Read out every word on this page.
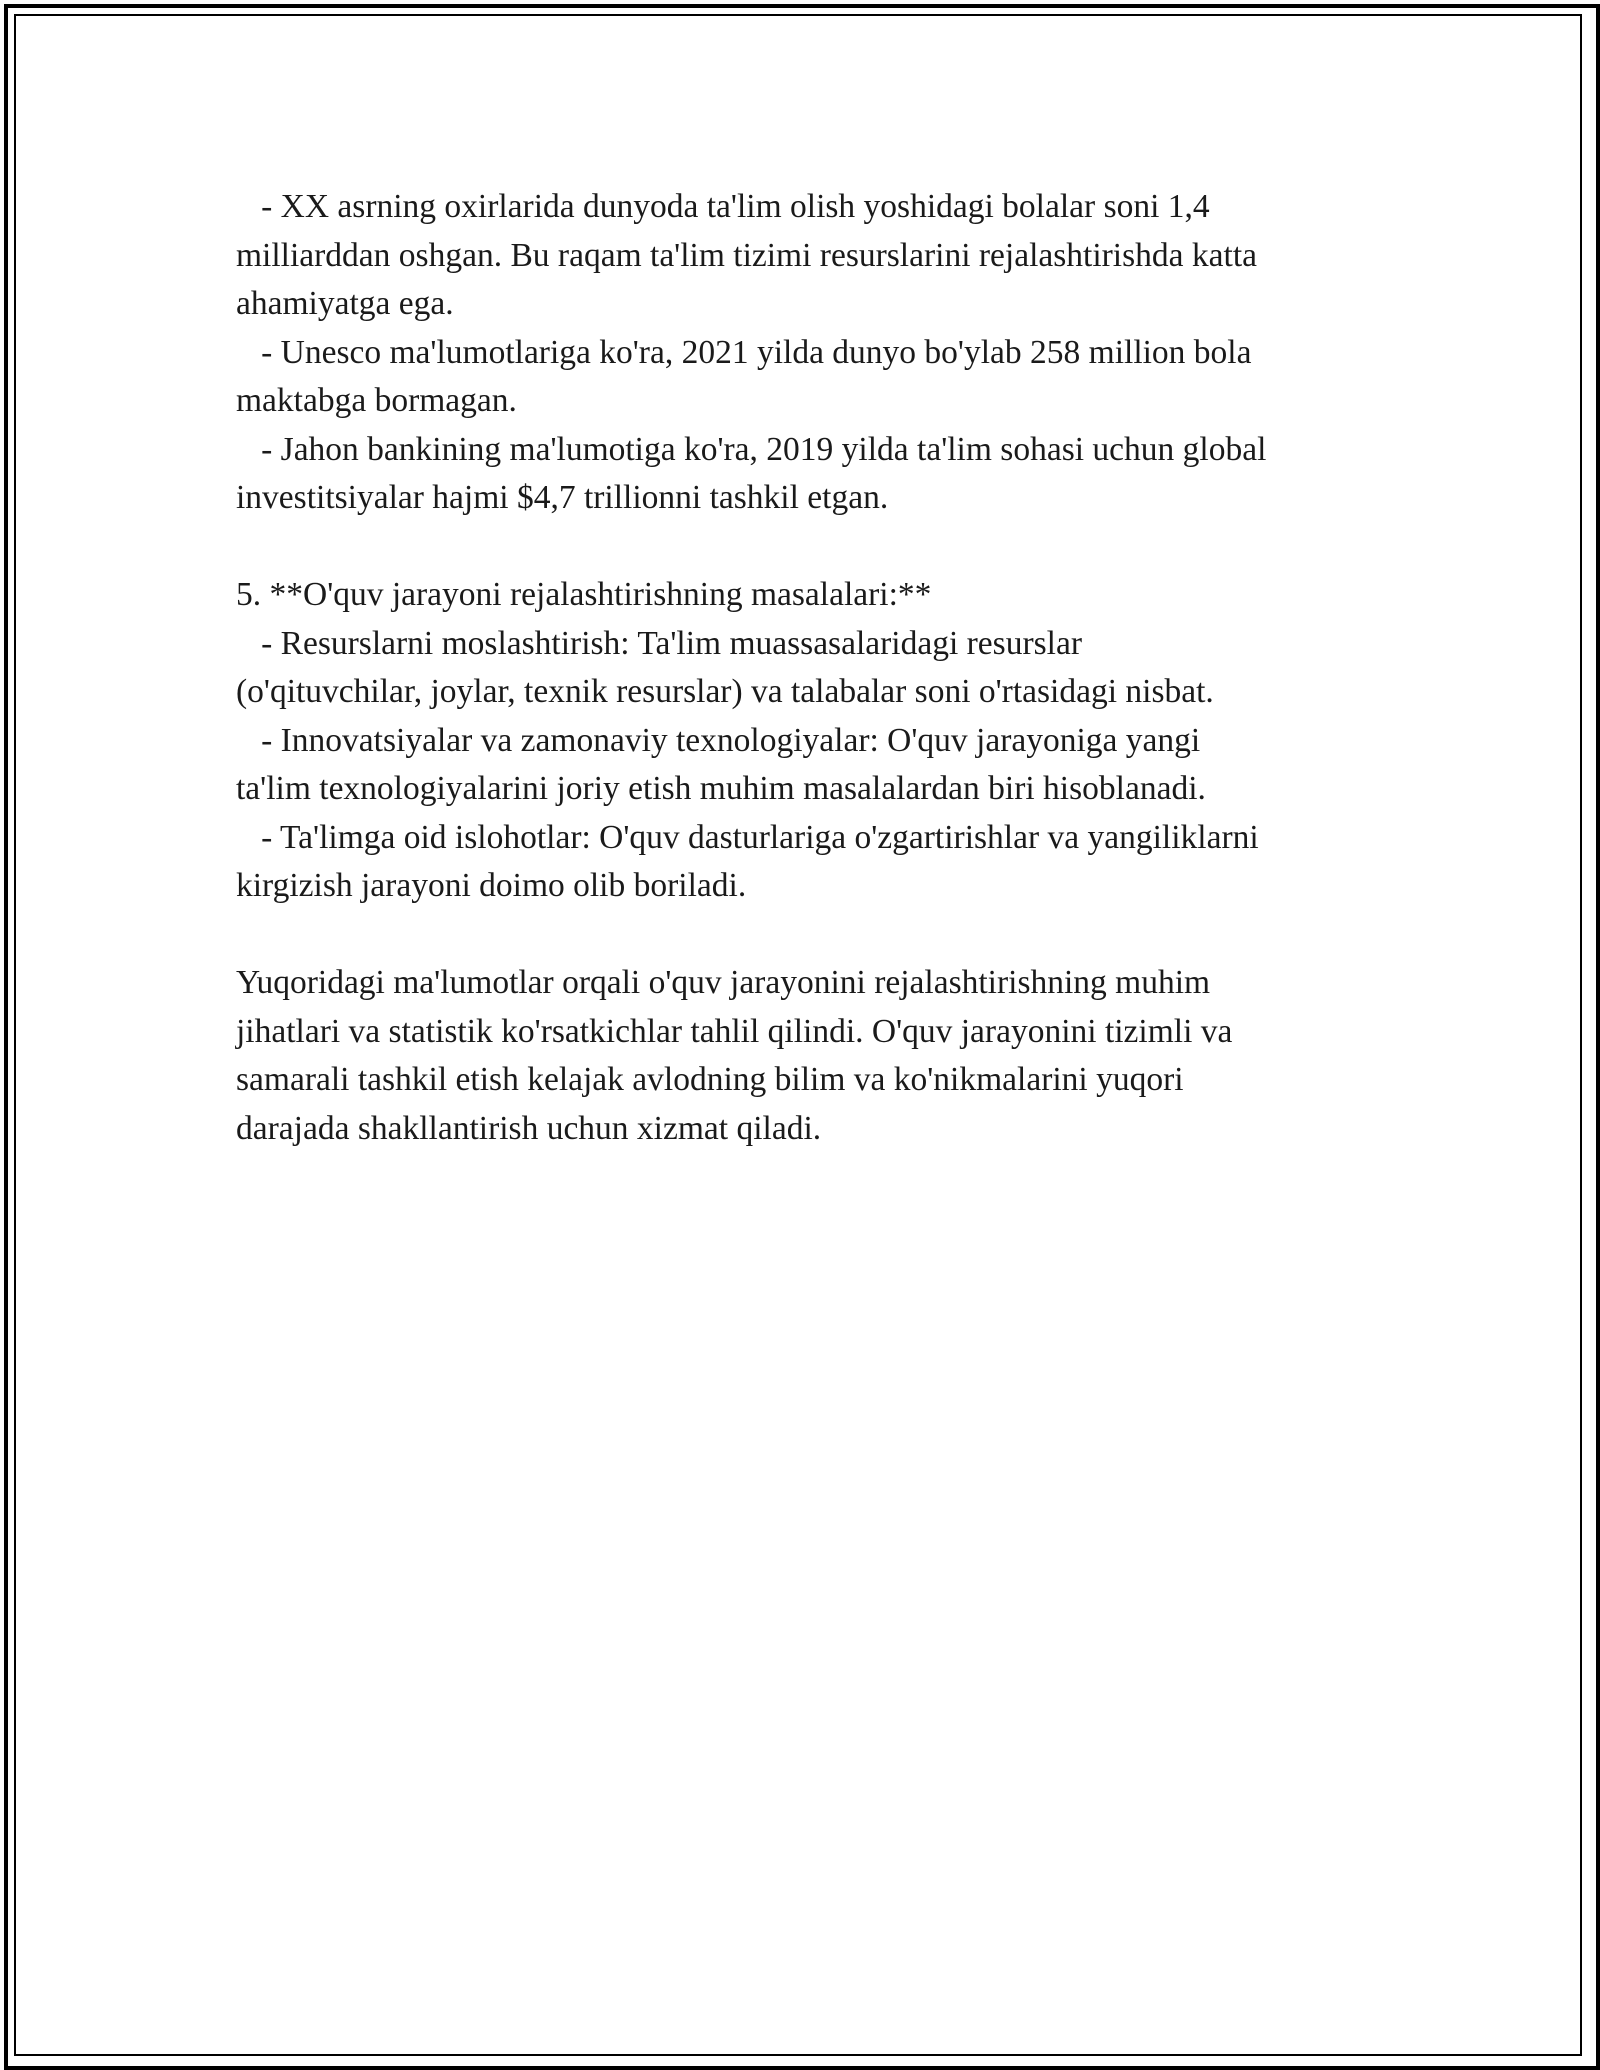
- XX asrning oxirlarida dunyoda ta'lim olish yoshidagi bolalar soni 1,4
milliarddan oshgan. Bu raqam ta'lim tizimi resurslarini rejalashtirishda katta
ahamiyatga ega.
- Unesco ma'lumotlariga ko'ra, 2021 yilda dunyo bo'ylab 258 million bola
maktabga bormagan.
- Jahon bankining ma'lumotiga ko'ra, 2019 yilda ta'lim sohasi uchun global
investitsiyalar hajmi $4,7 trillionni tashkil etgan.
5. **O'quv jarayoni rejalashtirishning masalalari:**
- Resurslarni moslashtirish: Ta'lim muassasalaridagi resurslar
(o'qituvchilar, joylar, texnik resurslar) va talabalar soni o'rtasidagi nisbat.
- Innovatsiyalar va zamonaviy texnologiyalar: O'quv jarayoniga yangi
ta'lim texnologiyalarini joriy etish muhim masalalardan biri hisoblanadi.
- Ta'limga oid islohotlar: O'quv dasturlariga o'zgartirishlar va yangiliklarni
kirgizish jarayoni doimo olib boriladi.
Yuqoridagi ma'lumotlar orqali o'quv jarayonini rejalashtirishning muhim
jihatlari va statistik ko'rsatkichlar tahlil qilindi. O'quv jarayonini tizimli va
samarali tashkil etish kelajak avlodning bilim va ko'nikmalarini yuqori
darajada shakllantirish uchun xizmat qiladi.
